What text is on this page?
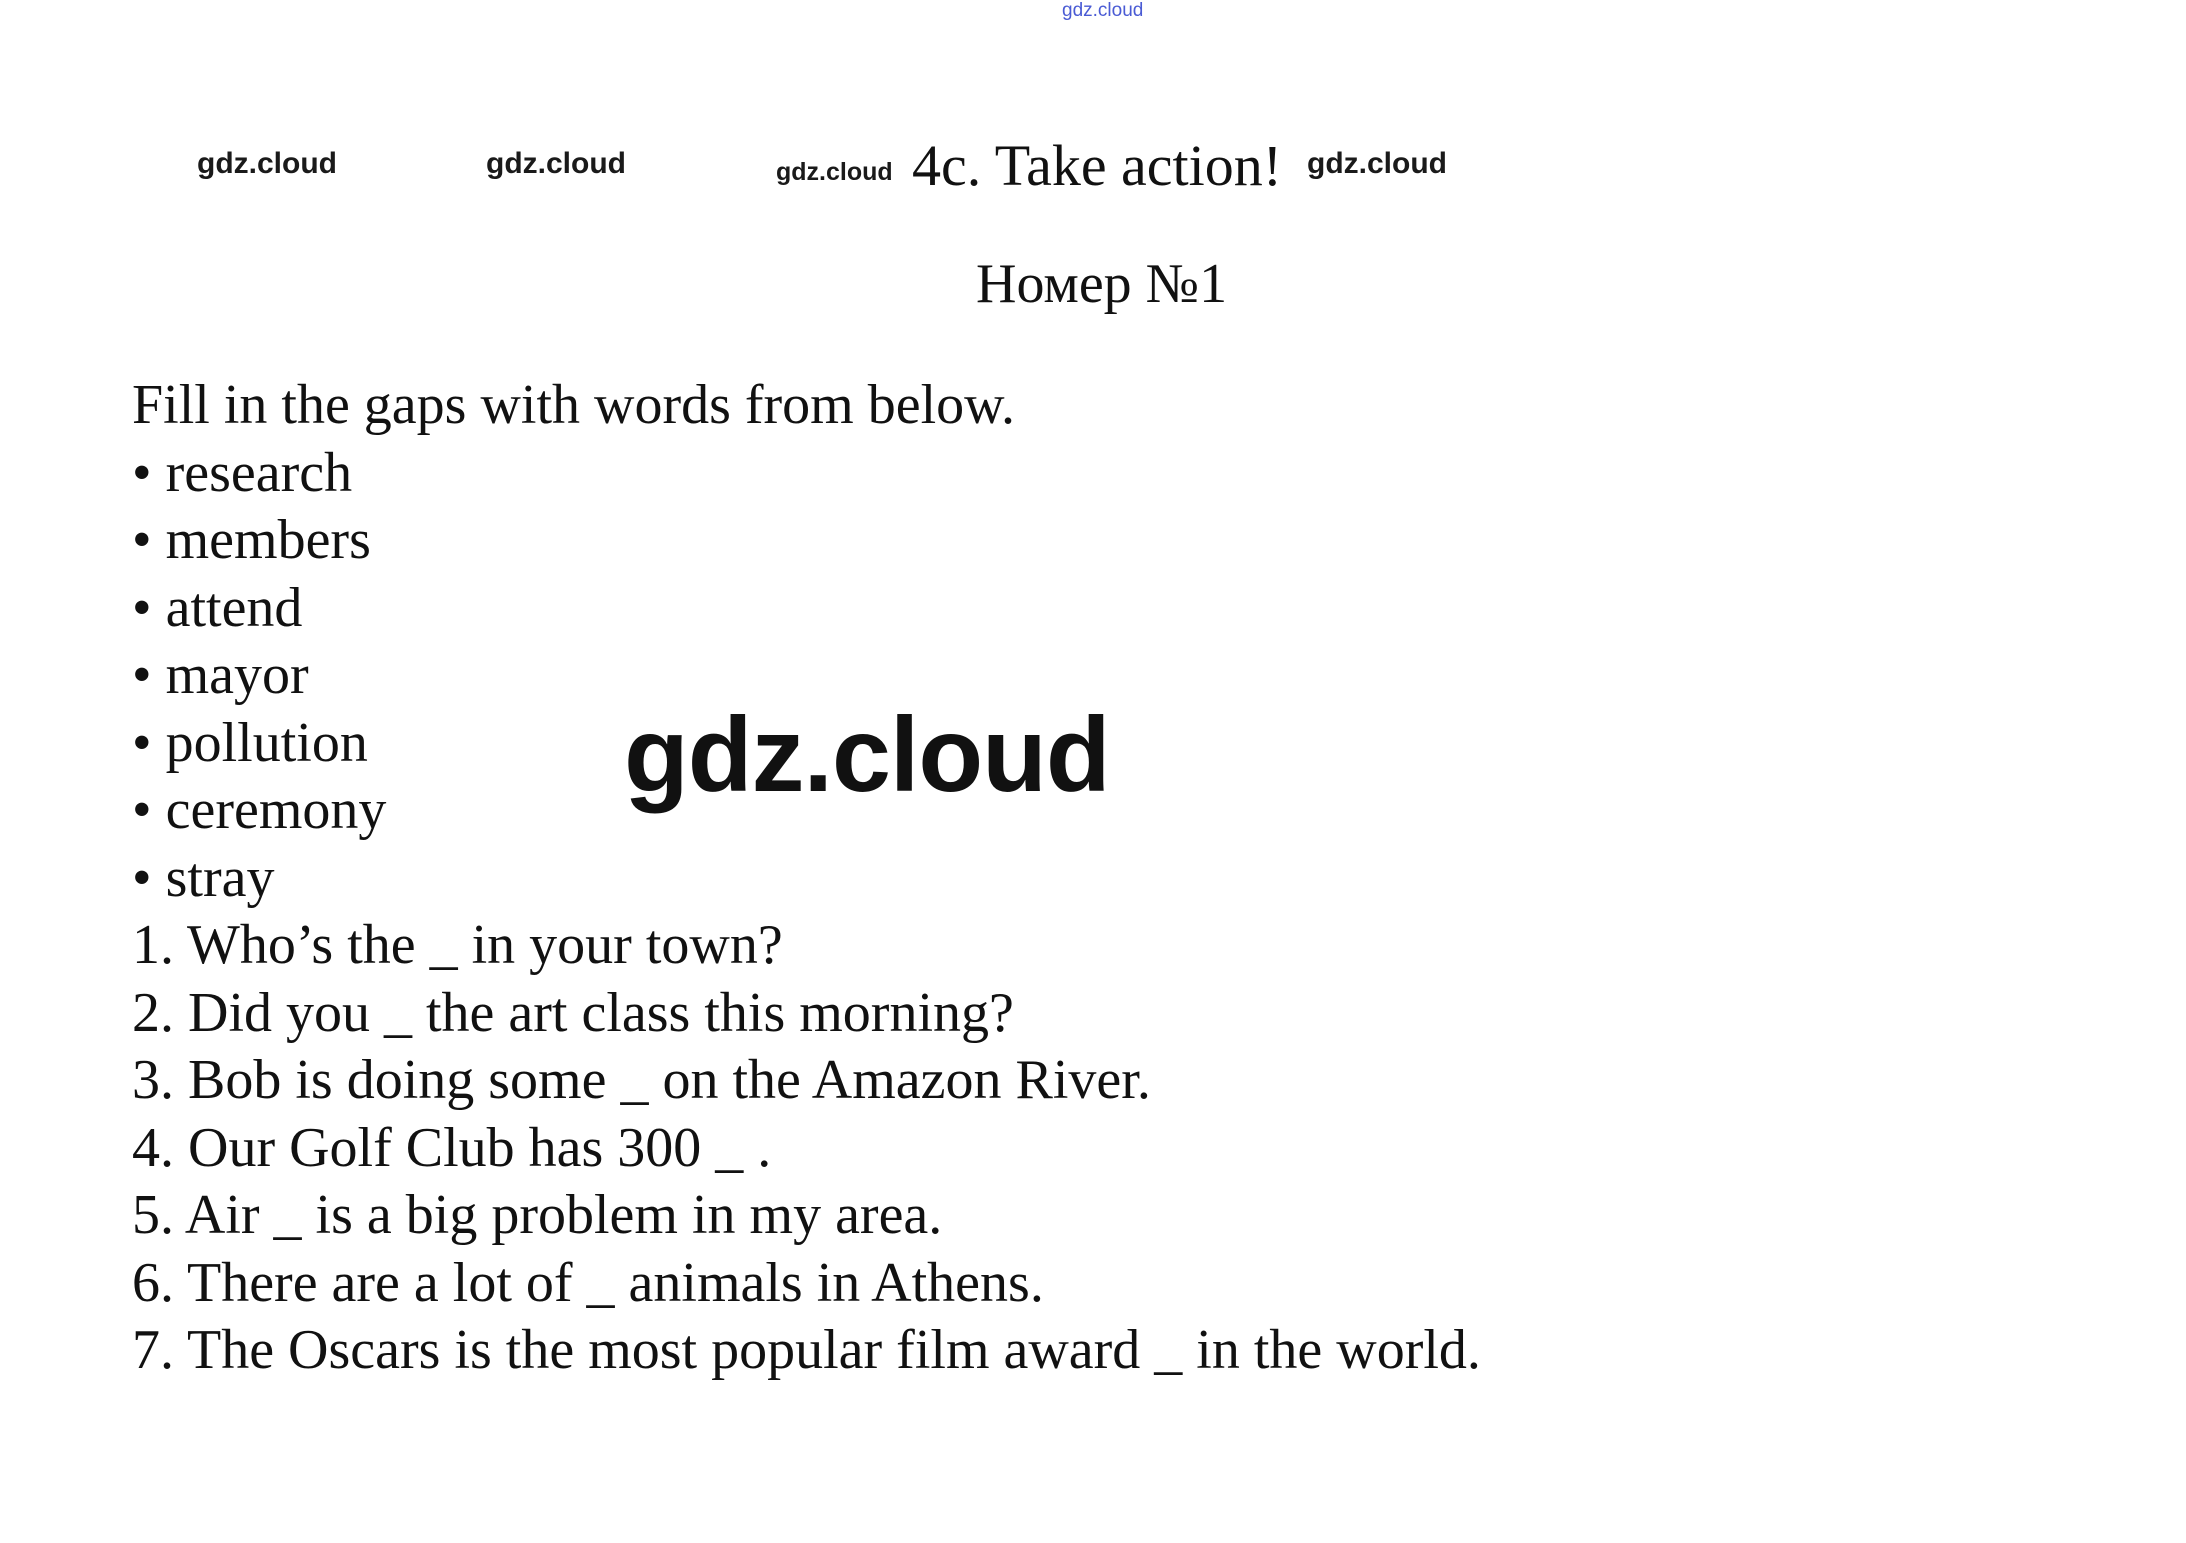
gdz.cloud
gdz.cloud	gdz.cloud	gdz.cloud	gdz.cloud
4c. Take action!
Номер №1
Fill in the gaps with words from below.
• research
• members
• attend
• mayor
• pollution
• ceremony
• stray
1. Who’s the _ in your town?
2. Did you _ the art class this morning?
3. Bob is doing some _ on the Amazon River.
4. Our Golf Club has 300 _ .
5. Air _ is a big problem in my area.
6. There are a lot of _ animals in Athens.
7. The Oscars is the most popular film award _ in the world.
gdz.cloud
